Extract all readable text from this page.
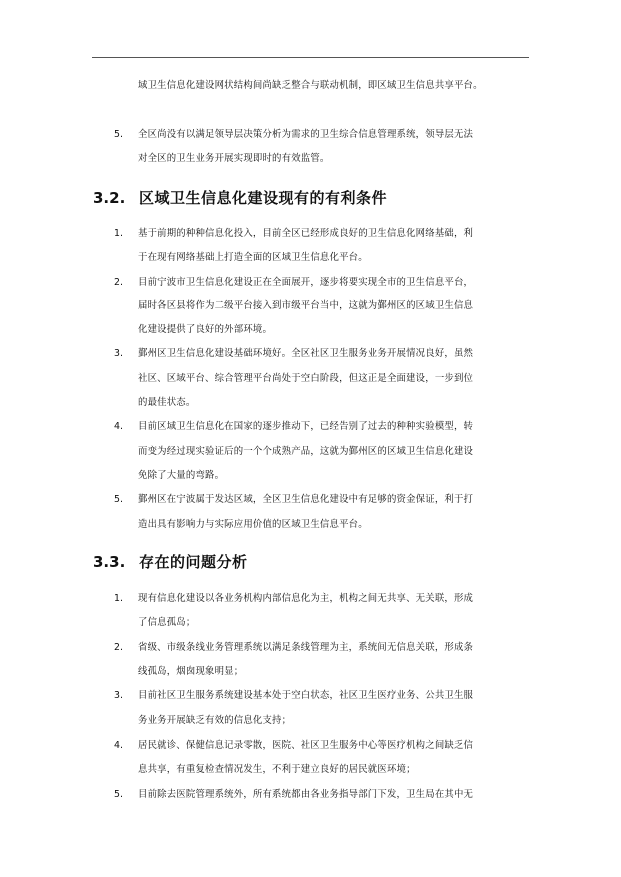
域卫生信息化建设网状结构间尚缺乏整合与联动机制，即区域卫生信息共享平台。
5. 全区尚没有以满足领导层决策分析为需求的卫生综合信息管理系统，领导层无法
对全区的卫生业务开展实现即时的有效监管。
3.2. 区域卫生信息化建设现有的有利条件
1. 基于前期的种种信息化投入，目前全区已经形成良好的卫生信息化网络基础，利
于在现有网络基础上打造全面的区域卫生信息化平台。
2. 目前宁波市卫生信息化建设正在全面展开，逐步将要实现全市的卫生信息平台，
届时各区县将作为二级平台接入到市级平台当中，这就为鄞州区的区域卫生信息
化建设提供了良好的外部环境。
3. 鄞州区卫生信息化建设基础环境好。全区社区卫生服务业务开展情况良好，虽然
社区、区域平台、综合管理平台尚处于空白阶段，但这正是全面建设，一步到位
的最佳状态。
4. 目前区域卫生信息化在国家的逐步推动下，已经告别了过去的种种实验模型，转
而变为经过现实验证后的一个个成熟产品，这就为鄞州区的区域卫生信息化建设
免除了大量的弯路。
5. 鄞州区在宁波属于发达区域，全区卫生信息化建设中有足够的资金保证，利于打
造出具有影响力与实际应用价值的区域卫生信息平台。
3.3. 存在的问题分析
1. 现有信息化建设以各业务机构内部信息化为主，机构之间无共享、无关联，形成
了信息孤岛；
2. 省级、市级条线业务管理系统以满足条线管理为主，系统间无信息关联，形成条
线孤岛，烟囱现象明显；
3. 目前社区卫生服务系统建设基本处于空白状态，社区卫生医疗业务、公共卫生服
务业务开展缺乏有效的信息化支持；
4. 居民就诊、保健信息记录零散，医院、社区卫生服务中心等医疗机构之间缺乏信
息共享，有重复检查情况发生，不利于建立良好的居民就医环境；
5. 目前除去医院管理系统外，所有系统都由各业务指导部门下发，卫生局在其中无
